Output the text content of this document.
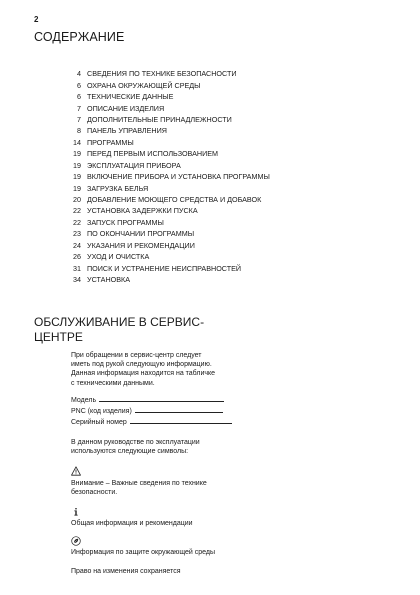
2
СОДЕРЖАНИЕ
4 СВЕДЕНИЯ ПО ТЕХНИКЕ БЕЗОПАСНОСТИ
6 ОХРАНА ОКРУЖАЮЩЕЙ СРЕДЫ
6 ТЕХНИЧЕСКИЕ ДАННЫЕ
7 ОПИСАНИЕ ИЗДЕЛИЯ
7 ДОПОЛНИТЕЛЬНЫЕ ПРИНАДЛЕЖНОСТИ
8 ПАНЕЛЬ УПРАВЛЕНИЯ
14 ПРОГРАММЫ
19 ПЕРЕД ПЕРВЫМ ИСПОЛЬЗОВАНИЕМ
19 ЭКСПЛУАТАЦИЯ ПРИБОРА
19 ВКЛЮЧЕНИЕ ПРИБОРА И УСТАНОВКА ПРОГРАММЫ
19 ЗАГРУЗКА БЕЛЬЯ
20 ДОБАВЛЕНИЕ МОЮЩЕГО СРЕДСТВА И ДОБАВОК
22 УСТАНОВКА ЗАДЕРЖКИ ПУСКА
22 ЗАПУСК ПРОГРАММЫ
23 ПО ОКОНЧАНИИ ПРОГРАММЫ
24 УКАЗАНИЯ И РЕКОМЕНДАЦИИ
26 УХОД И ОЧИСТКА
31 ПОИСК И УСТРАНЕНИЕ НЕИСПРАВНОСТЕЙ
34 УСТАНОВКА
ОБСЛУЖИВАНИЕ В СЕРВИС-
ЦЕНТРЕ
При обращении в сервис-центр следует
иметь под рукой следующую информацию.
Данная информация находится на табличке
с техническими данными.
Модель
PNC (код изделия)
Серийный номер
В данном руководстве по эксплуатации
используются следующие символы:
Внимание – Важные сведения по технике
безопасности.
Общая информация и рекомендации
Информация по защите окружающей среды
Право на изменения сохраняется
